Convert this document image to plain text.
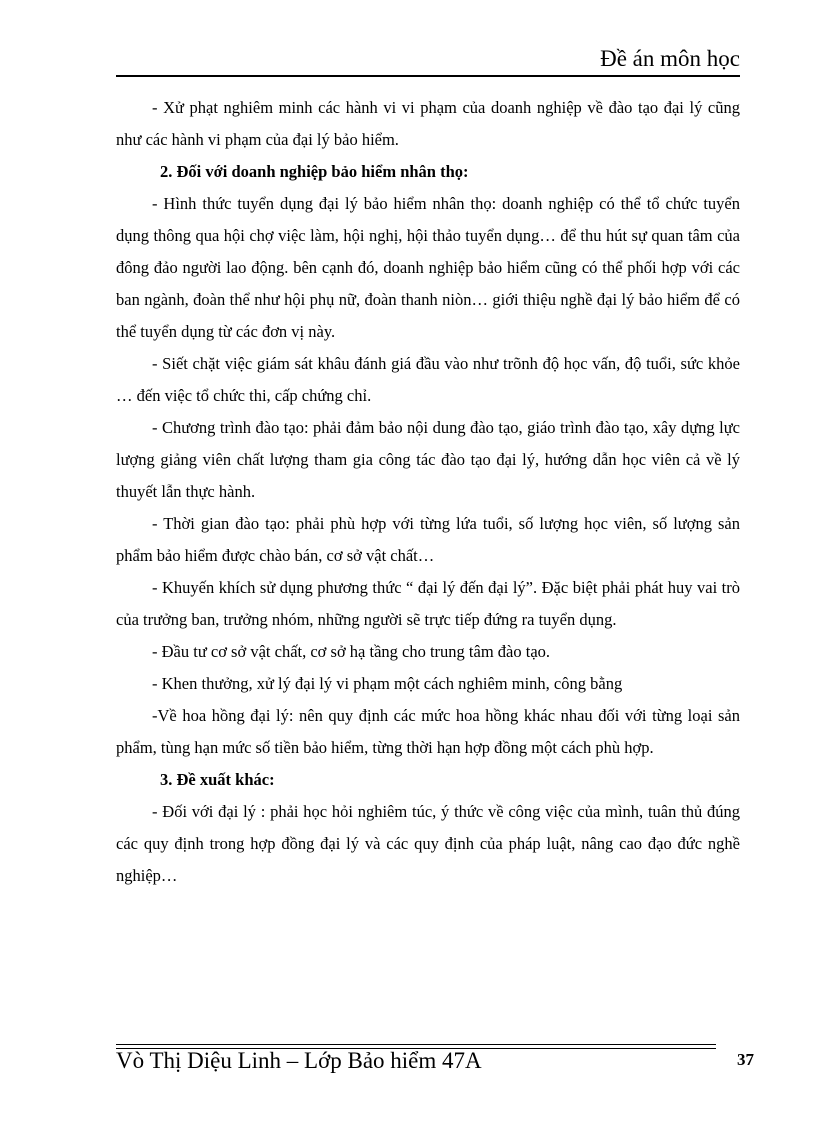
Đề án môn học

- Xử phạt nghiêm minh các hành vi vi phạm của doanh nghiệp về đào tạo đại lý cũng như các hành vi phạm của đại lý bảo hiểm.

2. Đối với doanh nghiệp bảo hiểm nhân thọ:

- Hình thức tuyển dụng đại lý bảo hiểm nhân thọ: doanh nghiệp có thể tổ chức tuyển dụng thông qua hội chợ việc làm, hội nghị, hội thảo tuyển dụng… để thu hút sự quan tâm của đông đảo người lao động. bên cạnh đó, doanh nghiệp bảo hiểm cũng có thể phối hợp với các ban ngành, đoàn thể như hội phụ nữ, đoàn thanh niòn… giới thiệu nghề đại lý bảo hiểm để có thể tuyển dụng từ các đơn vị này.

- Siết chặt việc giám sát khâu đánh giá đầu vào như trõnh độ học vấn, độ tuổi, sức khỏe … đến việc tổ chức thi, cấp chứng chỉ.

- Chương trình đào tạo: phải đảm bảo nội dung đào tạo, giáo trình đào tạo, xây dựng lực lượng giảng viên chất lượng tham gia công tác đào tạo đại lý, hướng dẫn học viên cả về lý thuyết lẫn thực hành.

- Thời gian đào tạo: phải phù hợp với từng lứa tuổi, số lượng học viên, số lượng sản phẩm bảo hiểm được chào bán, cơ sở vật chất…

- Khuyến khích sử dụng phương thức “ đại lý đến đại lý”. Đặc biệt phải phát huy vai trò của trưởng ban, trưởng nhóm, những người sẽ trực tiếp đứng ra tuyển dụng.

- Đầu tư cơ sở vật chất, cơ sở hạ tầng cho trung tâm đào tạo.

- Khen thưởng, xử lý đại lý vi phạm một cách nghiêm minh, công bằng

-Về hoa hồng đại lý: nên quy định các mức hoa hồng khác nhau đối với từng loại sản phẩm, tùng hạn mức số tiền bảo hiểm, từng thời hạn hợp đồng một cách phù hợp.

3. Đề xuất khác:

- Đối với đại lý : phải học hỏi nghiêm túc, ý thức về công việc của mình, tuân thủ đúng các quy định trong hợp đồng đại lý và các quy định của pháp luật, nâng cao đạo đức nghề nghiệp…

Vò Thị Diệu Linh – Lớp Bảo hiểm 47A	37
